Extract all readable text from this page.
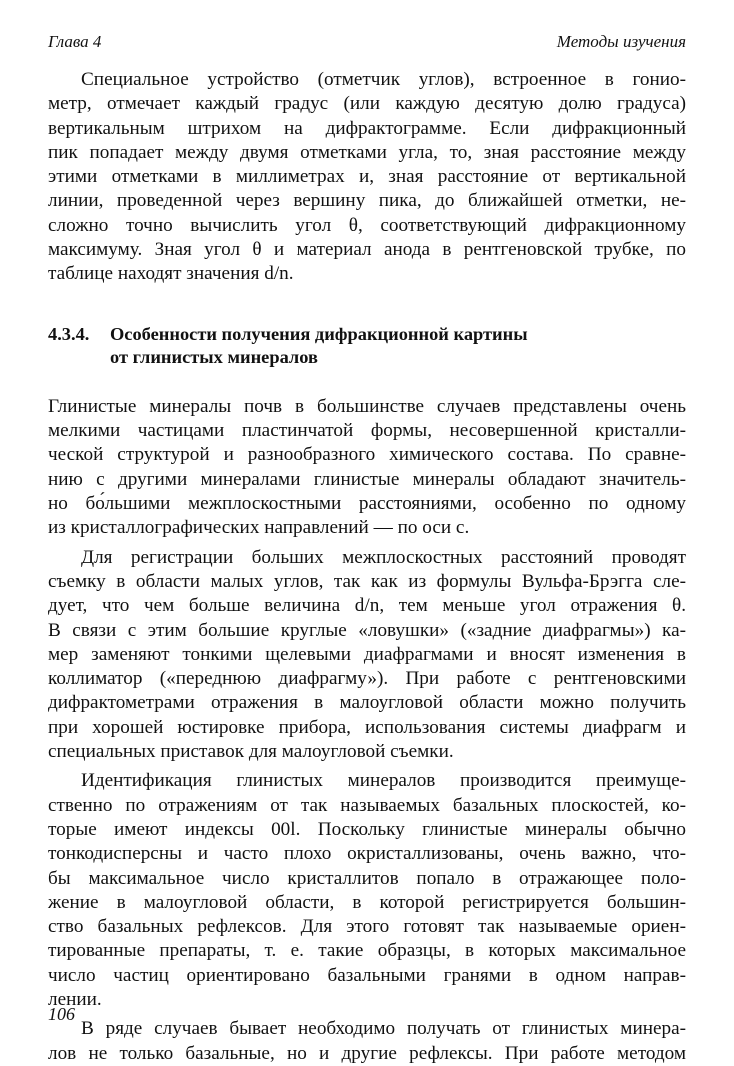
Глава 4	Методы изучения
Специальное устройство (отметчик углов), встроенное в гонио-
метр, отмечает каждый градус (или каждую десятую долю градуса)
вертикальным штрихом на дифрактограмме. Если дифракционный
пик попадает между двумя отметками угла, то, зная расстояние между
этими отметками в миллиметрах и, зная расстояние от вертикальной
линии, проведенной через вершину пика, до ближайшей отметки, не-
сложно точно вычислить угол θ, соответствующий дифракционному
максимуму. Зная угол θ и материал анода в рентгеновской трубке, по
таблице находят значения d/n.
4.3.4. Особенности получения дифракционной картины
от глинистых минералов
Глинистые минералы почв в большинстве случаев представлены очень
мелкими частицами пластинчатой формы, несовершенной кристалли-
ческой структурой и разнообразного химического состава. По сравне-
нию с другими минералами глинистые минералы обладают значитель-
но бо́льшими межплоскостными расстояниями, особенно по одному
из кристаллографических направлений — по оси c.
Для регистрации больших межплоскостных расстояний проводят
съемку в области малых углов, так как из формулы Вульфа-Брэгга сле-
дует, что чем больше величина d/n, тем меньше угол отражения θ.
В связи с этим большие круглые «ловушки» («задние диафрагмы») ка-
мер заменяют тонкими щелевыми диафрагмами и вносят изменения в
коллиматор («переднюю диафрагму»). При работе с рентгеновскими
дифрактометрами отражения в малоугловой области можно получить
при хорошей юстировке прибора, использования системы диафрагм и
специальных приставок для малоугловой съемки.
Идентификация глинистых минералов производится преимуще-
ственно по отражениям от так называемых базальных плоскостей, ко-
торые имеют индексы 00l. Поскольку глинистые минералы обычно
тонкодисперсны и часто плохо окристаллизованы, очень важно, что-
бы максимальное число кристаллитов попало в отражающее поло-
жение в малоугловой области, в которой регистрируется большин-
ство базальных рефлексов. Для этого готовят так называемые ориен-
тированные препараты, т. е. такие образцы, в которых максимальное
число частиц ориентировано базальными гранями в одном направ-
лении.
В ряде случаев бывает необходимо получать от глинистых минера-
лов не только базальные, но и другие рефлексы. При работе методом
106
